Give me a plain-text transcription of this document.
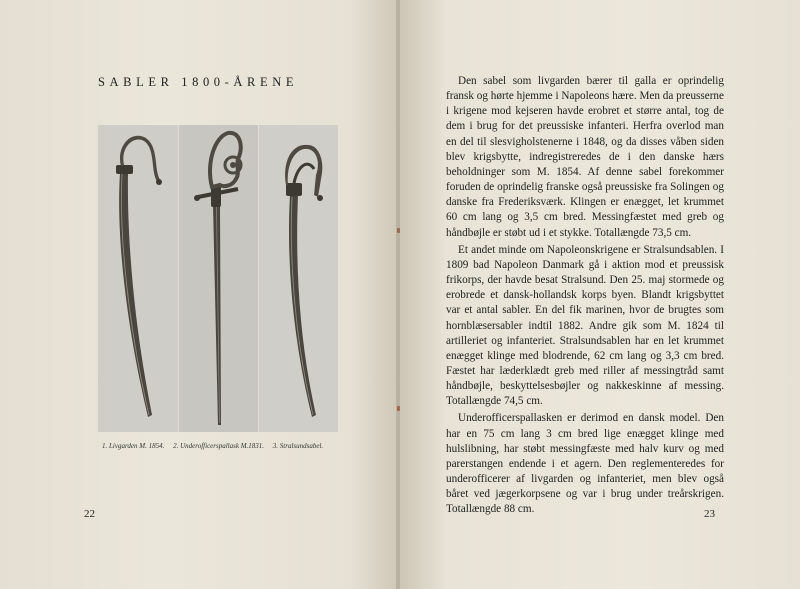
SABLER 1800-ÅRENE
1. Livgarden M. 1854. 2. Underofficerspallask M.1831. 3. Stralsundsabel.
22

Den sabel som livgarden bærer til galla er oprindelig fransk og hørte hjemme i Napoleons hære. Men da preusserne i krigene mod kejseren havde erobret et større antal, tog de dem i brug for det preussiske infanteri. Herfra overlod man en del til slesvigholstenerne i 1848, og da disses våben siden blev krigsbytte, indregistreredes de i den danske hærs beholdninger som M. 1854. Af denne sabel forekommer foruden de oprindelig franske også preussiske fra Solingen og danske fra Frederiksværk. Klingen er enægget, let krummet 60 cm lang og 3,5 cm bred. Messingfæstet med greb og håndbøjle er støbt ud i et stykke. Totallængde 73,5 cm.

Et andet minde om Napoleonskrigene er Stralsundsablen. I 1809 bad Napoleon Danmark gå i aktion mod et preussisk frikorps, der havde besat Stralsund. Den 25. maj stormede og erobrede et dansk-hollandsk korps byen. Blandt krigsbyttet var et antal sabler. En del fik marinen, hvor de brugtes som hornblæsersabler indtil 1882. Andre gik som M. 1824 til artilleriet og infanteriet. Stralsundsablen har en let krummet enægget klinge med blodrende, 62 cm lang og 3,3 cm bred. Fæstet har læderklædt greb med riller af messingtråd samt håndbøjle, beskyttelsesbøjler og nakkeskinne af messing. Totallængde 74,5 cm.

Underofficerspallasken er derimod en dansk model. Den har en 75 cm lang 3 cm bred lige enægget klinge med hulslibning, har støbt messingfæste med halv kurv og med parerstangen endende i et agern. Den reglementeredes for underofficerer af livgarden og infanteriet, men blev også båret ved jægerkorpsene og var i brug under treårskrigen. Totallængde 88 cm.	23
